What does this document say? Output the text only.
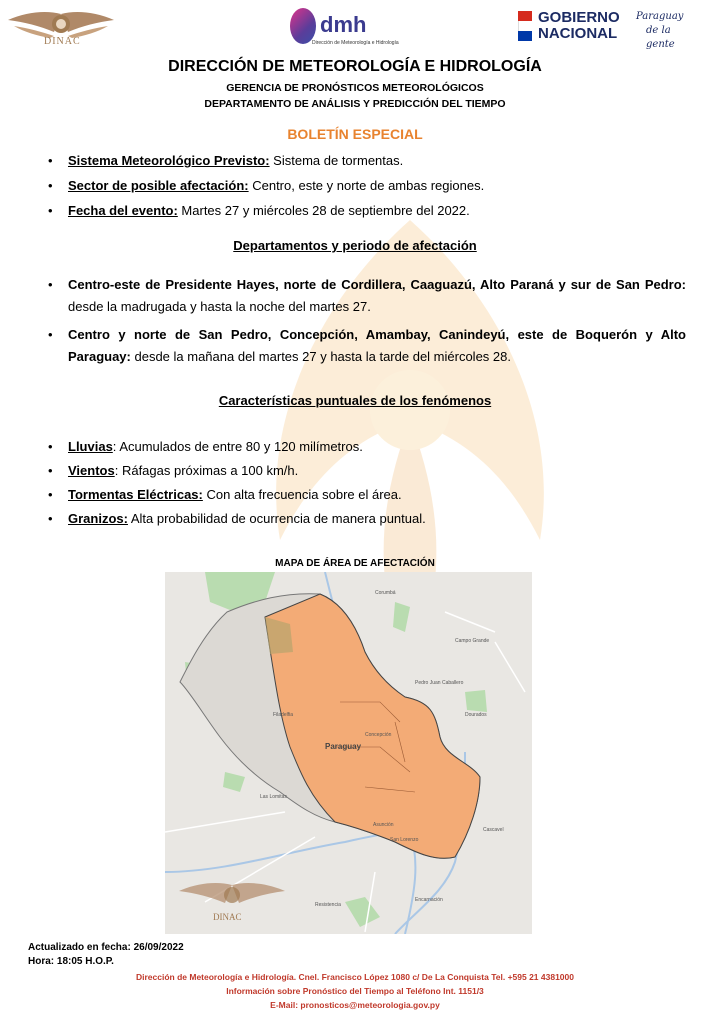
DINAC
dmh
Dirección de Meteorología e Hidrología
GOBIERNO
NACIONAL
Paraguay
de la gente
DIRECCIÓN DE METEOROLOGÍA E HIDROLOGÍA
GERENCIA DE PRONÓSTICOS METEOROLÓGICOS
DEPARTAMENTO DE ANÁLISIS Y PREDICCIÓN DEL TIEMPO
BOLETÍN ESPECIAL
• Sistema Meteorológico Previsto: Sistema de tormentas.
• Sector de posible afectación: Centro, este y norte de ambas regiones.
• Fecha del evento: Martes 27 y miércoles 28 de septiembre del 2022.
Departamentos y periodo de afectación
• Centro-este de Presidente Hayes, norte de Cordillera, Caaguazú, Alto Paraná y sur de San Pedro: desde la madrugada y hasta la noche del martes 27.
• Centro y norte de San Pedro, Concepción, Amambay, Canindeyú, este de Boquerón y Alto Paraguay: desde la mañana del martes 27 y hasta la tarde del miércoles 28.
Características puntuales de los fenómenos
• Lluvias: Acumulados de entre 80 y 120 milímetros.
• Vientos: Ráfagas próximas a 100 km/h.
• Tormentas Eléctricas: Con alta frecuencia sobre el área.
• Granizos: Alta probabilidad de ocurrencia de manera puntual.
MAPA DE ÁREA DE AFECTACIÓN
Paraguay
Corumbá
Campo Grande
Filadelfia
Asunción
Encarnación
Resistencia
Cascavel
Dourados
Pedro Juan Caballero
Concepción
Las Lomitas
San Lorenzo
DINAC
Actualizado en fecha: 26/09/2022
Hora: 18:05 H.O.P.
Dirección de Meteorología e Hidrología. Cnel. Francisco López 1080 c/ De La Conquista Tel. +595 21 4381000
Información sobre Pronóstico del Tiempo al Teléfono Int. 1151/3
E-Mail: pronosticos@meteorologia.gov.py
